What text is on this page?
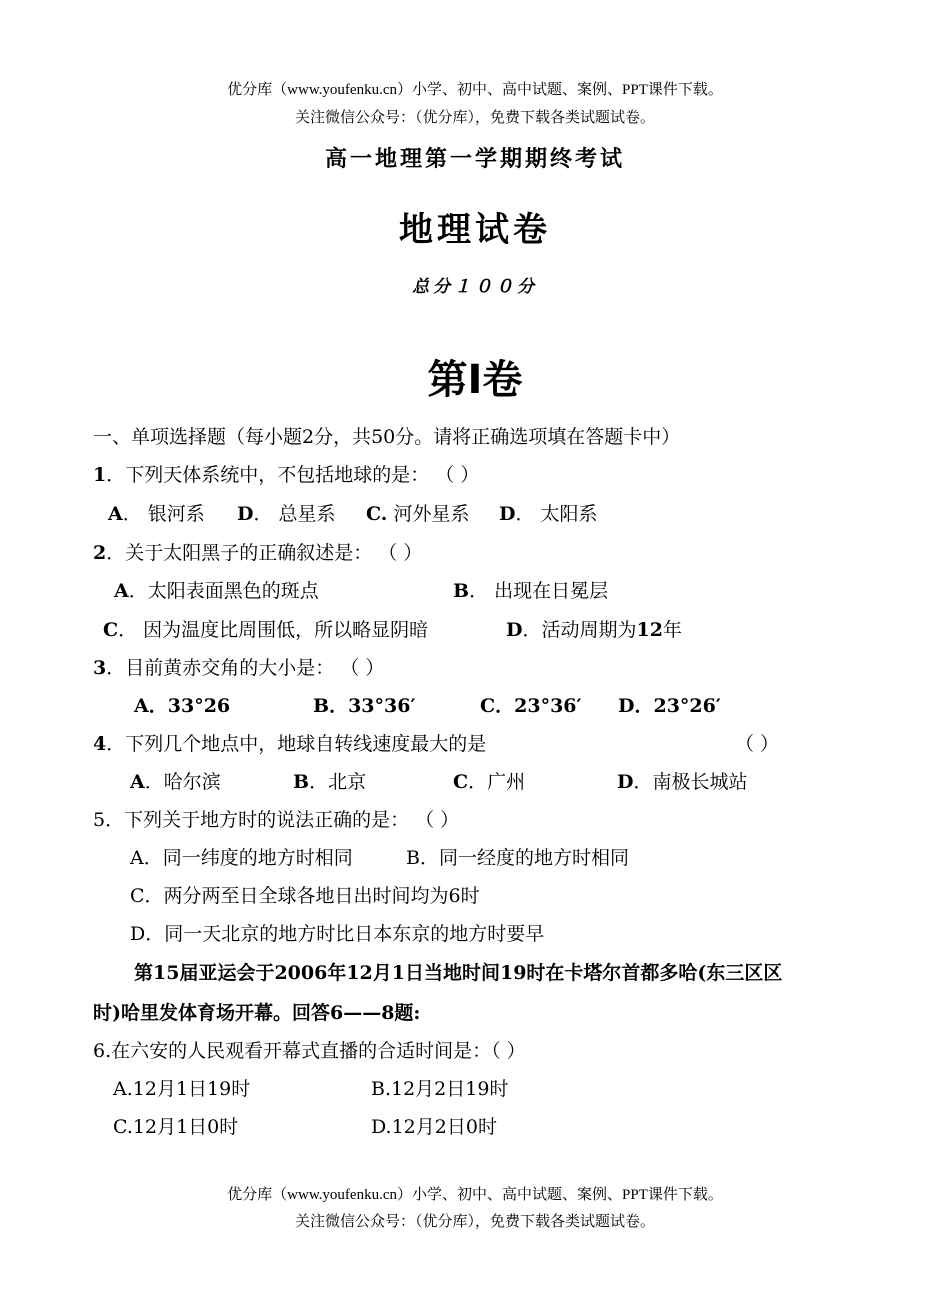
优分库（www.youfenku.cn）小学、初中、高中试题、案例、PPT课件下载。
关注微信公众号：（优分库），免费下载各类试题试卷。
高一地理第一学期期终考试
地理试卷
总分１００分
第Ⅰ卷
一、单项选择题（每小题2分，共50分。请将正确选项填在答题卡中）
1．下列天体系统中，不包括地球的是： （ ）
A． 银河系 D． 总星系 C. 河外星系 D． 太阳系
2．关于太阳黑子的正确叙述是： （ ）
A．太阳表面黑色的斑点	B． 出现在日冕层
C． 因为温度比周围低，所以略显阴暗	D．活动周期为12年
3．目前黄赤交角的大小是： （ ）
A．33°26	B．33°36′	C．23°36′ D．23°26′
4．下列几个地点中，地球自转线速度最大的是	（ ）
A．哈尔滨	B．北京	C．广州	D．南极长城站
5．下列关于地方时的说法正确的是： （ ）
A．同一纬度的地方时相同	B．同一经度的地方时相同
C．两分两至日全球各地日出时间均为6时
D．同一天北京的地方时比日本东京的地方时要早
第15届亚运会于2006年12月1日当地时间19时在卡塔尔首都多哈(东三区区
时)哈里发体育场开幕。回答6——8题:
6.在六安的人民观看开幕式直播的合适时间是：（ ）
A.12月1日19时	B.12月2日19时
C.12月1日0时	D.12月2日0时
优分库（www.youfenku.cn）小学、初中、高中试题、案例、PPT课件下载。
关注微信公众号：（优分库），免费下载各类试题试卷。
